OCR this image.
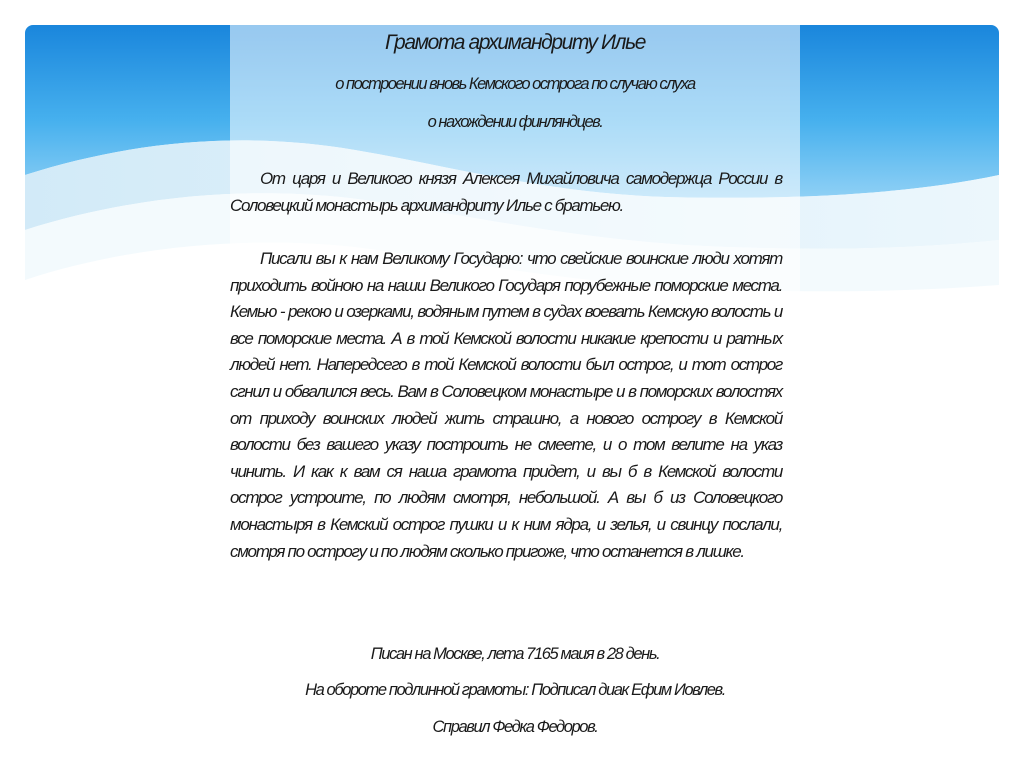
Грамота архимандриту Илье
о построении вновь Кемского острога по случаю слуха
о нахождении финляндцев.

От царя и Великого князя Алексея Михайловича самодержца России в Соловецкий монастырь архимандриту Илье с братьею.

Писали вы к нам Великому Государю: что свейские воинские люди хотят приходить войною на наши Великого Государя порубежные поморские места. Кемью - рекою и озерками, водяным путем в судах воевать Кемскую волость и все поморские места. А в той Кемской волости никакие крепости и ратных людей нет. Напередсего в той Кемской волости был острог, и тот острог сгнил и обвалился весь. Вам в Соловецком монастыре и в поморских волостях от приходу воинских людей жить страшно, а нового острогу в Кемской волости без вашего указу построить не смеете, и о том велите на указ чинить. И как к вам ся наша грамота придет, и вы б в Кемской волости острог устроите, по людям смотря, небольшой. А вы б из Соловецкого монастыря в Кемский острог пушки и к ним ядра, и зелья, и свинцу послали, смотря по острогу и по людям сколько пригоже, что останется в лишке.

Писан на Москве, лета 7165 маия в 28 день.
На обороте подлинной грамоты: Подписал диак Ефим Иовлев.
Справил Федка Федоров.
